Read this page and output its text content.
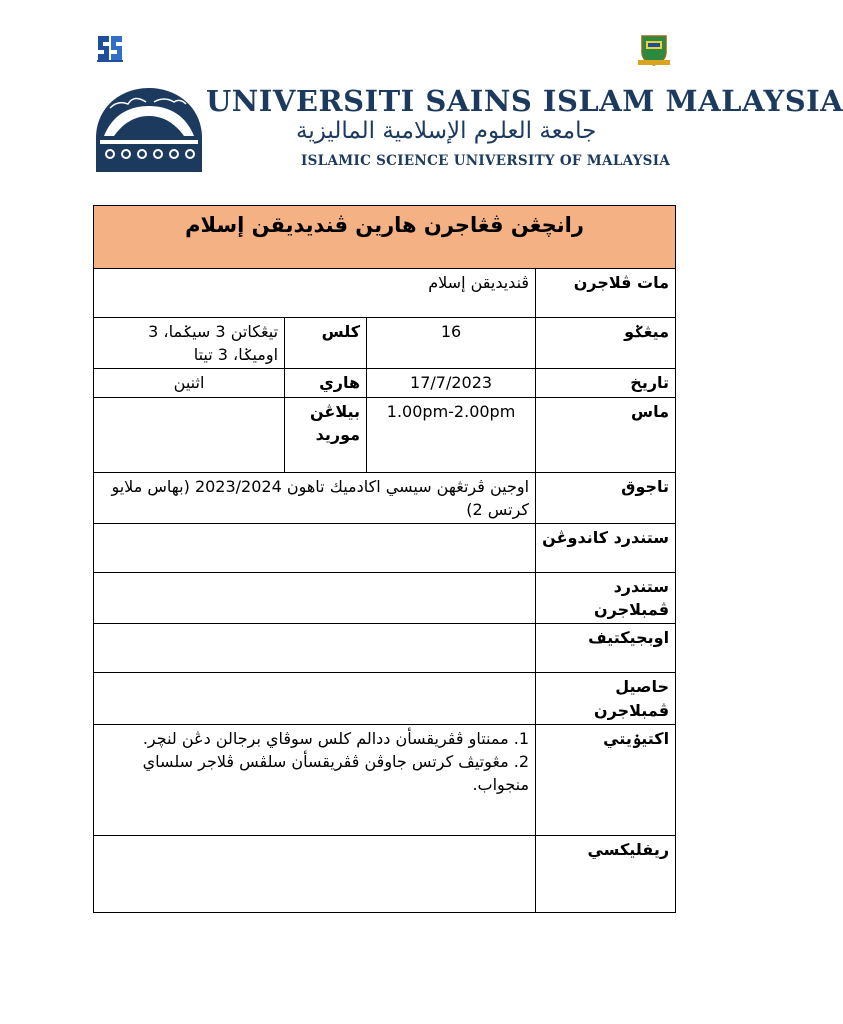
UNIVERSITI SAINS ISLAM MALAYSIA
جامعة العلوم الإسلامية الماليزية
ISLAMIC SCIENCE UNIVERSITY OF MALAYSIA
رانچڠن ڤڠاجرن هارين ڤنديديقن إسلام			
مات ڤلاجرن	ڤنديديقن إسلام		
ميڠݢو	16	كلس	تيڠكاتن 3 سيݢما، 3 اوميݢا، 3 تيتا
تاريخ	17/7/2023	هاري	اثنين
ماس	1.00pm-2.00pm	بيلاڠن موريد	
تاجوق	اوجين ڤرتڠهن سيسي اكادميك تاهون 2023/2024 (بهاس ملايو كرتس 2)		
ستندرد كاندوڠن			
ستندرد ڤمبلاجرن			
اوبجيكتيف			
حاصيل ڤمبلاجرن			
اكتيۏيتي	1. ممنتاو ڤڤريقسأن ددالم كلس سوڤاي برجالن دڠن لنچر.

2. مڠوتيڤ كرتس جاوڤن ڤڤريقسأن سلڤس ڤلاجر سلساي منجواب.		

ريفليكسي			
